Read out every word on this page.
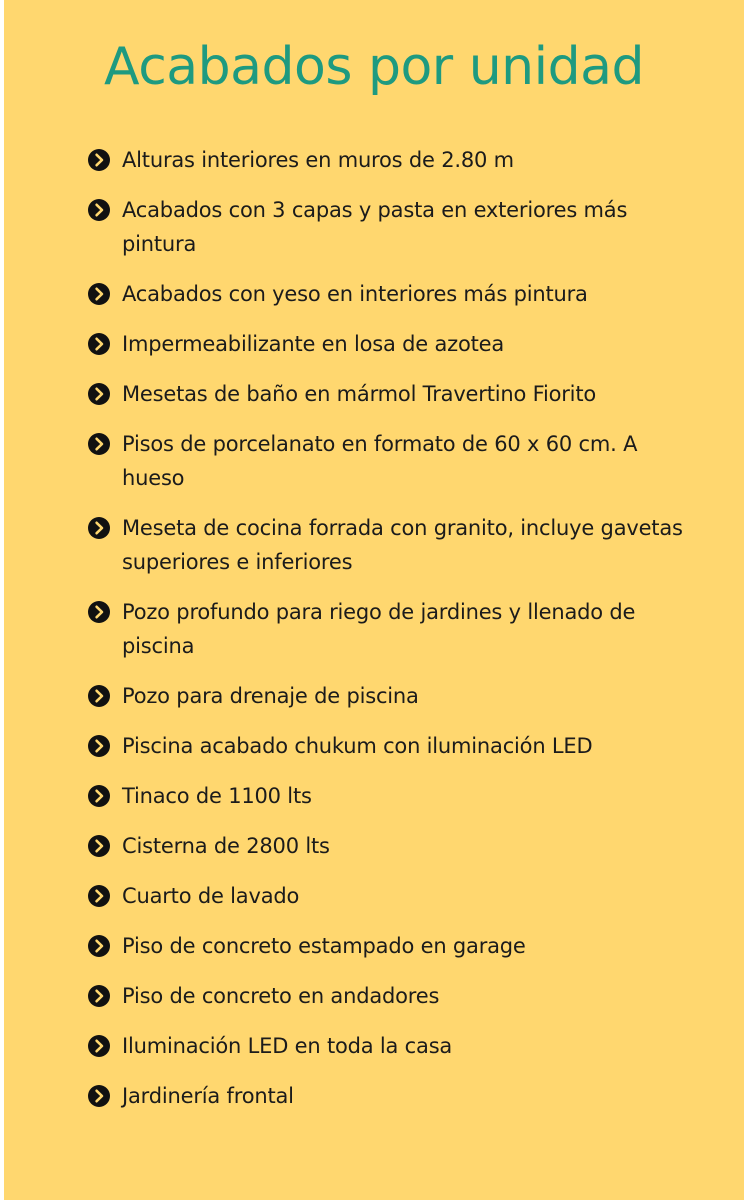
Acabados por unidad
Alturas interiores en muros de 2.80 m
Acabados con 3 capas y pasta en exteriores más pintura
Acabados con yeso en interiores más pintura
Impermeabilizante en losa de azotea
Mesetas de baño en mármol Travertino Fiorito
Pisos de porcelanato en formato de 60 x 60 cm. A hueso
Meseta de cocina forrada con granito, incluye gavetas superiores e inferiores
Pozo profundo para riego de jardines y llenado de piscina
Pozo para drenaje de piscina
Piscina acabado chukum con iluminación LED
Tinaco de 1100 lts
Cisterna de 2800 lts
Cuarto de lavado
Piso de concreto estampado en garage
Piso de concreto en andadores
Iluminación LED en toda la casa
Jardinería frontal
